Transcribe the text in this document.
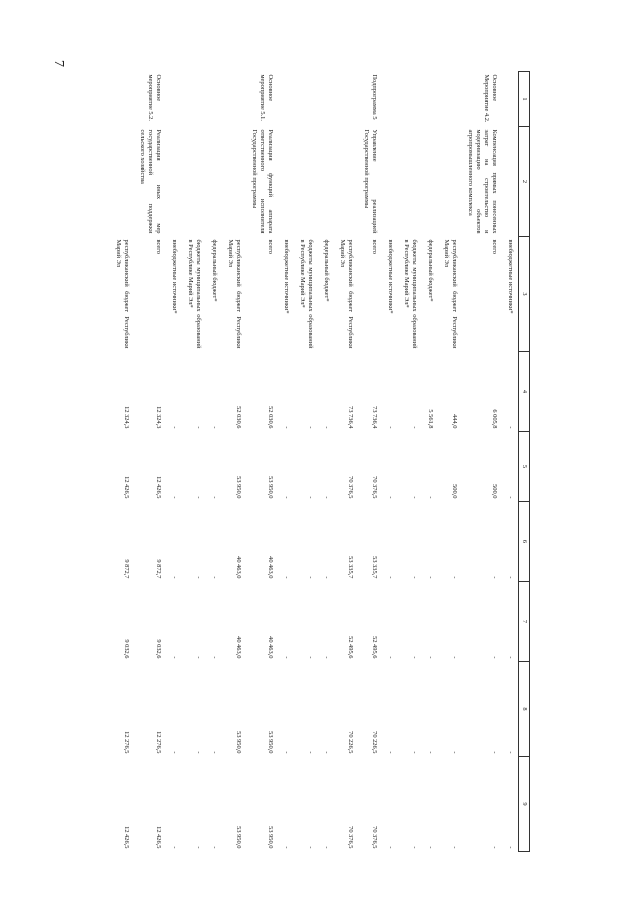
7
1	2	3	4	5	6	7	8	9
		внебюджетные источники*	-	-	-	-	-	-
Основное Мероприятие 4.2.	Компенсация прямых понесенных затрат на строительство и модернизацию объектов агропромышленного комплекса	всего	6 005,8	500,0	-	-	-	-
		республиканский бюджет Республики Марий Эл	444,0	500,0	-	-	-	-
		федеральный бюджет*	5 561,8	-	-	-	-	-
		бюджеты муниципальных образований в Республике Марий Эл*	-	-	-	-	-	-
		внебюджетные источники*	-	-	-	-	-	-
Подпрограмма 5	Управление реализацией Государственной программы	всего	73 736,4	70 376,5	53 335,7	52 495,6	70 226,5	70 376,5
		республиканский бюджет Республики Марий Эл	73 736,4	70 376,5	53 335,7	52 495,6	70 226,5	70 376,5
		федеральный бюджет*	-	-	-	-	-	-
		бюджеты муниципальных образований в Республике Марий Эл*	-	-	-	-	-	-
		внебюджетные источники*	-	-	-	-	-	-
Основное мероприятие 5.1.	Реализация функций аппарата ответственного исполнителя Государственной программы	всего	52 030,6	53 950,0	40 463,0	40 463,0	53 950,0	53 950,0
		республиканский бюджет Республики Марий Эл	52 030,6	53 950,0	40 463,0	40 463,0	53 950,0	53 950,0
		федеральный бюджет*	-	-	-	-	-	-
		бюджеты муниципальных образований в Республике Марий Эл*	-	-	-	-	-	-
		внебюджетные источники*	-	-	-	-	-	-
Основное мероприятие 5.2.	Реализация иных мер государственной поддержки сельского хозяйства	всего	12 324,3	12 426,5	9 872,7	9 032,6	12 276,5	12 426,5
		республиканский бюджет Республики Марий Эл	12 324,3	12 426,5	9 872,7	9 032,6	12 276,5	12 426,5
